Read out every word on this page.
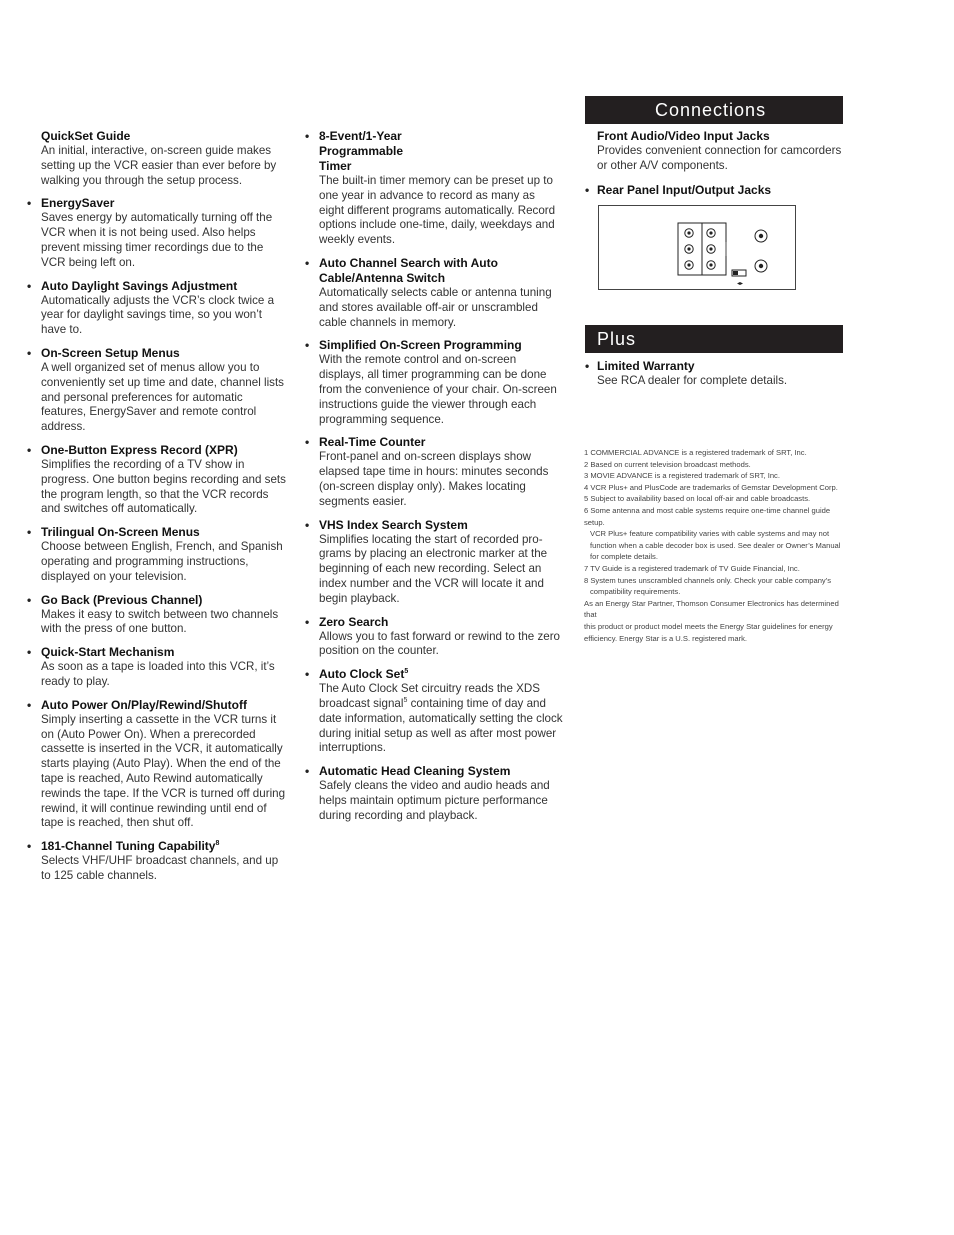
QuickSet Guide
An initial, interactive, on-screen guide makes setting up the VCR easier than ever before by walking you through the setup process.
• EnergySaver
Saves energy by automatically turning off the VCR when it is not being used. Also helps prevent missing timer recordings due to the VCR being left on.
• Auto Daylight Savings Adjustment
Automatically adjusts the VCR’s clock twice a year for daylight savings time, so you won’t have to.
• On-Screen Setup Menus
A well organized set of menus allow you to conveniently set up time and date, channel lists and personal preferences for automatic features, EnergySaver and remote control address.
• One-Button Express Record (XPR)
Simplifies the recording of a TV show in progress. One button begins recording and sets the program length, so that the VCR records and switches off automatically.
• Trilingual On-Screen Menus
Choose between English, French, and Spanish operating and programming instructions, displayed on your television.
• Go Back (Previous Channel)
Makes it easy to switch between two channels with the press of one button.
• Quick-Start Mechanism
As soon as a tape is loaded into this VCR, it’s ready to play.
• Auto Power On/Play/Rewind/Shutoff
Simply inserting a cassette in the VCR turns it on (Auto Power On). When a prerecorded cassette is inserted in the VCR, it automatically starts playing (Auto Play). When the end of the tape is reached, Auto Rewind automatically rewinds the tape. If the VCR is turned off during rewind, it will continue rewinding until end of tape is reached, then shut off.
• 181-Channel Tuning Capability$^8$
Selects VHF/UHF broadcast channels, and up to 125 cable channels.
• 8-Event/1-Year Programmable Timer
The built-in timer memory can be preset up to one year in advance to record as many as eight different programs automatically. Record options include one-time, daily, weekdays and weekly events.
• Auto Channel Search with Auto Cable/Antenna Switch
Automatically selects cable or antenna tuning and stores available off-air or unscrambled cable channels in memory.
• Simplified On-Screen Programming
With the remote control and on-screen displays, all timer programming can be done from the convenience of your chair. On-screen instructions guide the viewer through each programming sequence.
• Real-Time Counter
Front-panel and on-screen displays show elapsed tape time in hours: minutes seconds (on-screen display only). Makes locating segments easier.
• VHS Index Search System
Simplifies locating the start of recorded pro-grams by placing an electronic marker at the beginning of each new recording. Select an index number and the VCR will locate it and begin playback.
• Zero Search
Allows you to fast forward or rewind to the zero position on the counter.
• Auto Clock Set$^5$
The Auto Clock Set circuitry reads the XDS broadcast signal$^5$ containing time of day and date information, automatically setting the clock during initial setup as well as after most power interruptions.
• Automatic Head Cleaning System
Safely cleans the video and audio heads and helps maintain optimum picture performance during recording and playback.
Connections
Front Audio/Video Input Jacks
Provides convenient connection for camcorders or other A/V components.
• Rear Panel Input/Output Jacks
◂▸
Plus
• Limited Warranty
See RCA dealer for complete details.
1 COMMERCIAL ADVANCE is a registered trademark of SRT, Inc.
2 Based on current television broadcast methods.
3 MOVIE ADVANCE is a registered trademark of SRT, Inc.
4 VCR Plus+ and PlusCode are trademarks of Gemstar Development Corp.
5 Subject to availability based on local off-air and cable broadcasts.
6 Some antenna and most cable systems require one-time channel guide setup.
VCR Plus+ feature compatibility varies with cable systems and may not
function when a cable decoder box is used. See dealer or Owner’s Manual
for complete details.
7 TV Guide is a registered trademark of TV Guide Financial, Inc.
8 System tunes unscrambled channels only. Check your cable company’s
compatibility requirements.
As an Energy Star Partner, Thomson Consumer Electronics has determined that
this product or product model meets the Energy Star guidelines for energy
efficiency. Energy Star is a U.S. registered mark.
